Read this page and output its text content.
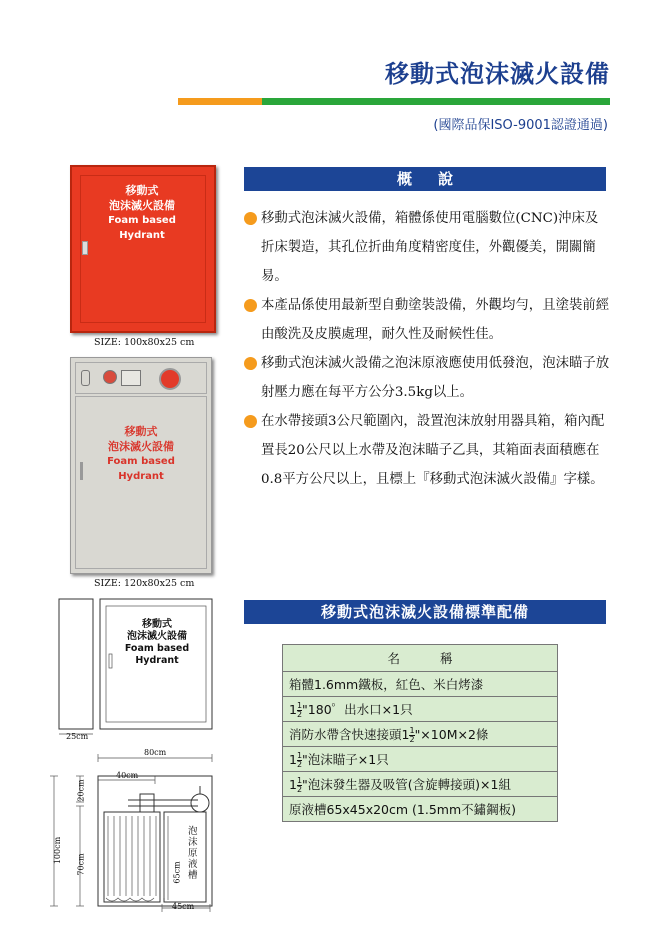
移動式泡沫滅火設備
(國際品保ISO-9001認證通過)
概說
移動式泡沫滅火設備，箱體係使用電腦數位(CNC)沖床及折床製造，其孔位折曲角度精密度佳，外觀優美，開關簡易。
本產品係使用最新型自動塗裝設備，外觀均勻，且塗裝前經由酸洗及皮膜處理，耐久性及耐候性佳。
移動式泡沫滅火設備之泡沫原液應使用低發泡，泡沫瞄子放射壓力應在每平方公分3.5kg以上。
在水帶接頭3公尺範圍內，設置泡沫放射用器具箱，箱內配置長20公尺以上水帶及泡沫瞄子乙具，其箱面表面積應在0.8平方公尺以上，且標上『移動式泡沫滅火設備』字樣。
移動式
泡沫滅火設備
Foam based
Hydrant
SIZE: 100x80x25 cm
移動式
泡沫滅火設備
Foam based
Hydrant
SIZE: 120x80x25 cm
移動式
泡沫滅火設備
Foam based
Hydrant
25cm
80cm
40cm
20cm
100cm
70cm	65cm
45cm
泡沫原液槽
移動式泡沫滅火設備標準配備
名稱
箱體1.6mm鐵板，紅色、米白烤漆
$1 \frac{1}{2}$ "180゜出水口×1只
消防水帶含快速接頭$1 \frac{1}{2}$ "×10M×2條
$1 \frac{1}{2}$ "泡沫瞄子×1只
$1 \frac{1}{2}$ "泡沫發生器及吸管(含旋轉接頭)×1組
原液槽65x45x20cm (1.5mm不鏽鋼板)
